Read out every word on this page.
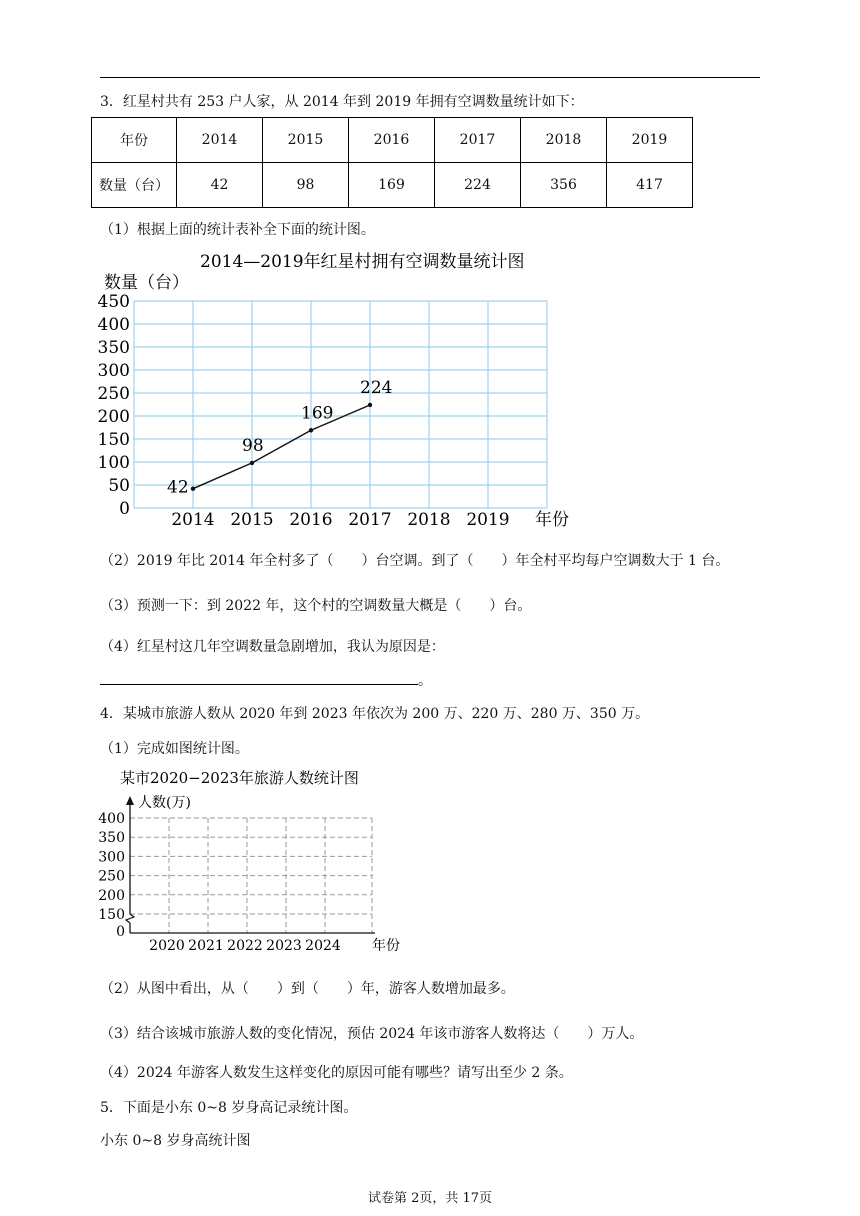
3．红星村共有 253 户人家，从 2014 年到 2019 年拥有空调数量统计如下：
年份	2014	2015	2016	2017	2018	2019
数量（台）	42	98	169	224	356	417
（1）根据上面的统计表补全下面的统计图。
2014—2019年红星村拥有空调数量统计图
数量（台）
年份
0
50
100
150
200
250
300
350
400
450
2014 2015 2016 2017 2018 2019
42
98
169
224
（2）2019 年比 2014 年全村多了（　　）台空调。到了（　　）年全村平均每户空调数大于 1 台。
（3）预测一下：到 2022 年，这个村的空调数量大概是（　　）台。
（4）红星村这几年空调数量急剧增加，我认为原因是：
。
4．某城市旅游人数从 2020 年到 2023 年依次为 200 万、220 万、280 万、350 万。
（1）完成如图统计图。
某市2020−2023年旅游人数统计图
人数(万)
年份
0
150
200
250
300
350
400
2020 2021 2022 2023 2024
（2）从图中看出，从（　　）到（　　）年，游客人数增加最多。
（3）结合该城市旅游人数的变化情况，预估 2024 年该市游客人数将达（　　）万人。
（4）2024 年游客人数发生这样变化的原因可能有哪些？请写出至少 2 条。
5．下面是小东 0~8 岁身高记录统计图。
小东 0~8 岁身高统计图
试卷第 2页，共 17页
